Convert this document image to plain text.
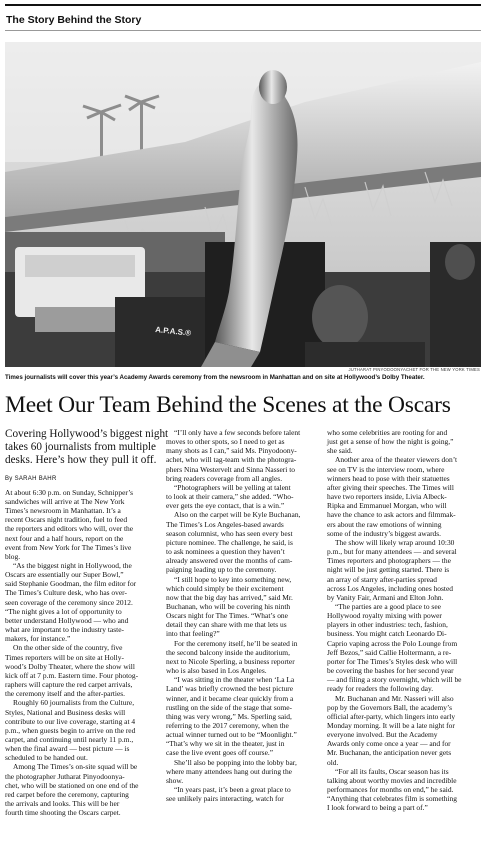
The Story Behind the Story
A.P.A.S.®
JUTHARAT PINYODOONYACHET FOR THE NEW YORK TIMES
Times journalists will cover this year’s Academy Awards ceremony from the newsroom in Manhattan and on site at Hollywood’s Dolby Theater.
Meet Our Team Behind the Scenes at the Oscars
Covering Hollywood’s biggest night
takes 60 journalists from multiple
desks. Here’s how they pull it off.
By SARAH BAHR

At about 6:30 p.m. on Sunday, Schnipper’s
sandwiches will arrive at The New York
Times’s newsroom in Manhattan. It’s a
recent Oscars night tradition, fuel to feed
the reporters and editors who will, over the
next four and a half hours, report on the
event from New York for The Times’s live
blog.

“As the biggest night in Hollywood, the
Oscars are essentially our Super Bowl,”
said Stephanie Goodman, the film editor for
The Times’s Culture desk, who has over-
seen coverage of the ceremony since 2012.
“The night gives a lot of opportunity to
better understand Hollywood — who and
what are important to the industry taste-
makers, for instance.”

On the other side of the country, five
Times reporters will be on site at Holly-
wood’s Dolby Theater, where the show will
kick off at 7 p.m. Eastern time. Four photog-
raphers will capture the red carpet arrivals,
the ceremony itself and the after-parties.

Roughly 60 journalists from the Culture,
Styles, National and Business desks will
contribute to our live coverage, starting at 4
p.m., when guests begin to arrive on the red
carpet, and continuing until nearly 11 p.m.,
when the final award — best picture — is
scheduled to be handed out.

Among The Times’s on-site squad will be
the photographer Jutharat Pinyodoonya-
chet, who will be stationed on one end of the
red carpet before the ceremony, capturing
the arrivals and looks. This will be her
fourth time shooting the Oscars carpet.

“I’ll only have a few seconds before talent
moves to other spots, so I need to get as
many shots as I can,” said Ms. Pinyodoony-
achet, who will tag-team with the photogra-
phers Nina Westervelt and Sinna Nasseri to
bring readers coverage from all angles.

“Photographers will be yelling at talent
to look at their camera,” she added. “Who-
ever gets the eye contact, that is a win.”

Also on the carpet will be Kyle Buchanan,
The Times’s Los Angeles-based awards
season columnist, who has seen every best
picture nominee. The challenge, he said, is
to ask nominees a question they haven’t
already answered over the months of cam-
paigning leading up to the ceremony.

“I still hope to key into something new,
which could simply be their excitement
now that the big day has arrived,” said Mr.
Buchanan, who will be covering his ninth
Oscars night for The Times. “What’s one
detail they can share with me that lets us
into that feeling?”

For the ceremony itself, he’ll be seated in
the second balcony inside the auditorium,
next to Nicole Sperling, a business reporter
who is also based in Los Angeles.

“I was sitting in the theater when ‘La La
Land’ was briefly crowned the best picture
winner, and it became clear quickly from a
rustling on the side of the stage that some-
thing was very wrong,” Ms. Sperling said,
referring to the 2017 ceremony, when the
actual winner turned out to be “Moonlight.”
“That’s why we sit in the theater, just in
case the live event goes off course.”

She’ll also be popping into the lobby bar,
where many attendees hang out during the
show.

“In years past, it’s been a great place to
see unlikely pairs interacting, watch for

who some celebrities are rooting for and
just get a sense of how the night is going,”
she said.

Another area of the theater viewers don’t
see on TV is the interview room, where
winners head to pose with their statuettes
after giving their speeches. The Times will
have two reporters inside, Livia Albeck-
Ripka and Emmanuel Morgan, who will
have the chance to ask actors and filmmak-
ers about the raw emotions of winning
some of the industry’s biggest awards.

The show will likely wrap around 10:30
p.m., but for many attendees — and several
Times reporters and photographers — the
night will be just getting started. There is
an array of starry after-parties spread
across Los Angeles, including ones hosted
by Vanity Fair, Armani and Elton John.

“The parties are a good place to see
Hollywood royalty mixing with power
players in other industries: tech, fashion,
business. You might catch Leonardo Di-
Caprio vaping across the Polo Lounge from
Jeff Bezos,” said Callie Holtermann, a re-
porter for The Times’s Styles desk who will
be covering the bashes for her second year
— and filing a story overnight, which will be
ready for readers the following day.

Mr. Buchanan and Mr. Nasseri will also
pop by the Governors Ball, the academy’s
official after-party, which lingers into early
Monday morning. It will be a late night for
everyone involved. But the Academy
Awards only come once a year — and for
Mr. Buchanan, the anticipation never gets
old.

“For all its faults, Oscar season has its
talking about worthy movies and incredible
performances for months on end,” he said.
“Anything that celebrates film is something
I look forward to being a part of.”
